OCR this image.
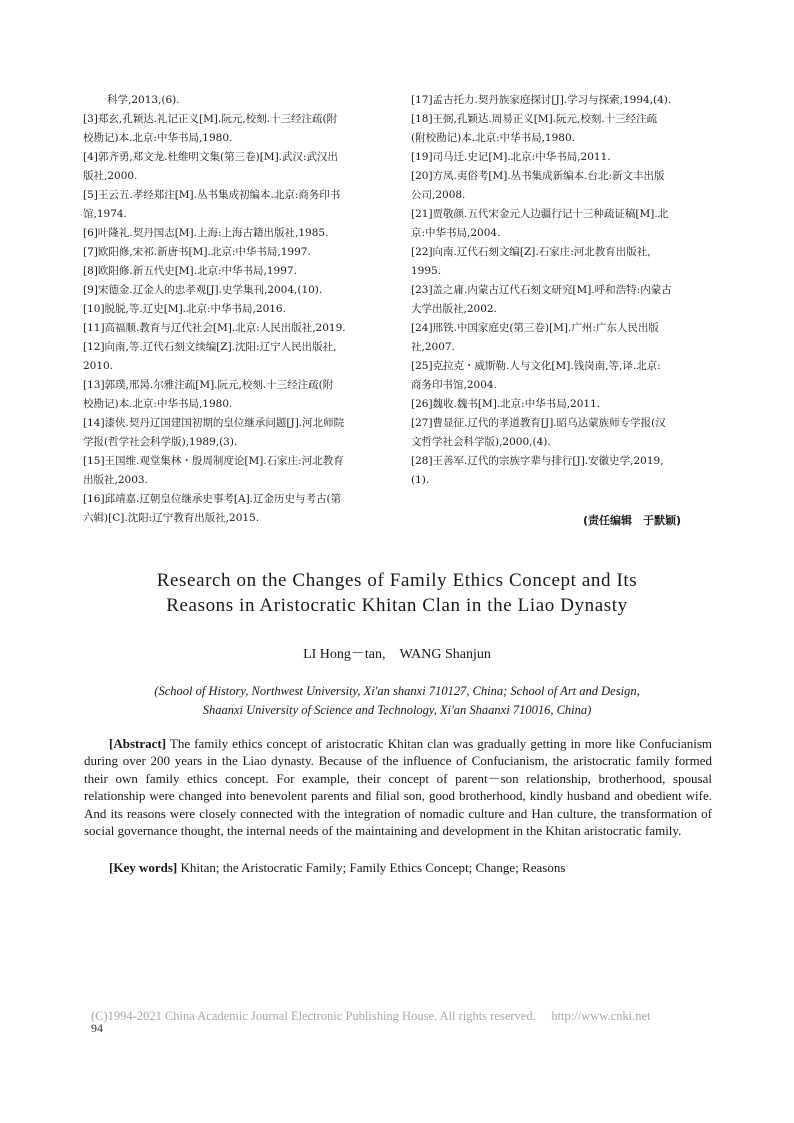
科学,2013,(6).
[3]郑玄,孔颖达.礼记正义[M].阮元,校刻.十三经注疏(附
校勘记)本.北京:中华书局,1980.
[4]郭齐勇,郑文龙.杜维明文集(第三卷)[M].武汉:武汉出
版社,2000.
[5]王云五.孝经郑注[M].丛书集成初编本.北京:商务印书
馆,1974.
[6]叶隆礼.契丹国志[M].上海:上海古籍出版社,1985.
[7]欧阳修,宋祁.新唐书[M].北京:中华书局,1997.
[8]欧阳修.新五代史[M].北京:中华书局,1997.
[9]宋德金.辽金人的忠孝观[J].史学集刊,2004,(10).
[10]脱脱,等.辽史[M].北京:中华书局,2016.
[11]高福顺.教育与辽代社会[M].北京:人民出版社,2019.
[12]向南,等.辽代石刻文续编[Z].沈阳:辽宁人民出版社,
2010.
[13]郭璞,邢昺.尔雅注疏[M].阮元,校刻.十三经注疏(附
校勘记)本.北京:中华书局,1980.
[14]漆侠.契丹辽国建国初期的皇位继承问题[J].河北师院
学报(哲学社会科学版),1989,(3).
[15]王国维.观堂集林・殷周制度论[M].石家庄:河北教育
出版社,2003.
[16]邱靖嘉.辽朝皇位继承史事考[A].辽金历史与考古(第
六辑)[C].沈阳:辽宁教育出版社,2015.
[17]孟古托力.契丹族家庭探讨[J].学习与探索,1994,(4).
[18]王弼,孔颖达.周易正义[M].阮元,校刻.十三经注疏
(附校勘记)本.北京:中华书局,1980.
[19]司马迁.史记[M].北京:中华书局,2011.
[20]方凤.夷俗考[M].丛书集成新编本.台北:新文丰出版
公司,2008.
[21]贾敬颜.五代宋金元人边疆行记十三种疏证稿[M].北
京:中华书局,2004.
[22]向南.辽代石刻文编[Z].石家庄:河北教育出版社,
1995.
[23]盖之庸.内蒙古辽代石刻文研究[M].呼和浩特:内蒙古
大学出版社,2002.
[24]邢铁.中国家庭史(第三卷)[M].广州:广东人民出版
社,2007.
[25]克拉克・威斯勒.人与文化[M].钱岗南,等,译.北京:
商务印书馆,2004.
[26]魏收.魏书[M].北京:中华书局,2011.
[27]曹显征.辽代的孝道教育[J].昭乌达蒙族师专学报(汉
文哲学社会科学版),2000,(4).
[28]王善军.辽代的宗族字辈与排行[J].安徽史学,2019,
(1).
(责任编辑　于默颖)
Research on the Changes of Family Ethics Concept and Its
Reasons in Aristocratic Khitan Clan in the Liao Dynasty
LI Hong－tan,　WANG Shanjun
(School of History, Northwest University, Xi'an shanxi 710127, China; School of Art and Design,
Shaanxi University of Science and Technology, Xi'an Shaanxi 710016, China)
[Abstract] The family ethics concept of aristocratic Khitan clan was gradually getting in more like Confucianism during over 200 years in the Liao dynasty. Because of the influence of Confucianism, the aristocratic family formed their own family ethics concept. For example, their concept of parent－son relationship, brotherhood, spousal relationship were changed into benevolent parents and filial son, good brotherhood, kindly husband and obedient wife. And its reasons were closely connected with the integration of nomadic culture and Han culture, the transformation of social governance thought, the internal needs of the maintaining and development in the Khitan aristocratic family.
[Key words] Khitan; the Aristocratic Family; Family Ethics Concept; Change; Reasons
(C)1994-2021 China Academic Journal Electronic Publishing House. All rights reserved.　 http://www.cnki.net
94
